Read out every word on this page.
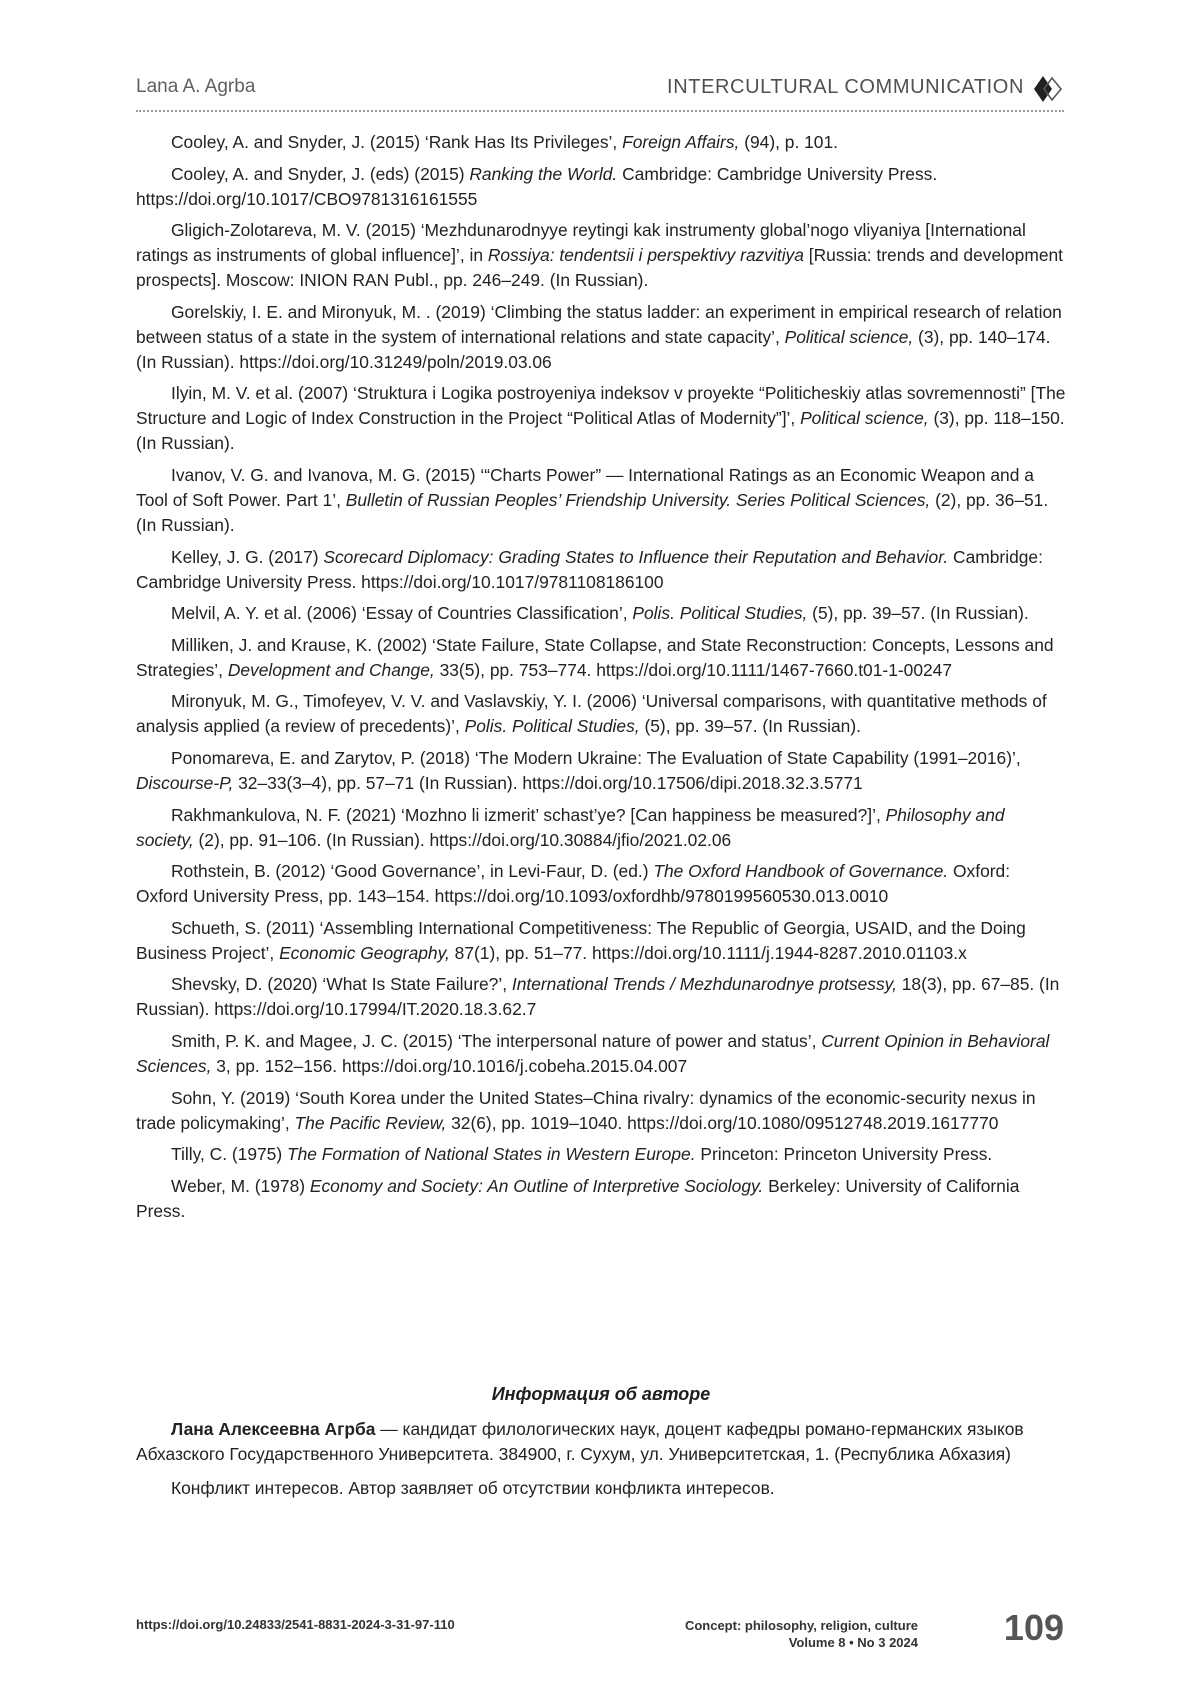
Lana A. Agrba	INTERCULTURAL COMMUNICATION

Cooley, A. and Snyder, J. (2015) ‘Rank Has Its Privileges’, Foreign Affairs, (94), p. 101.

Cooley, A. and Snyder, J. (eds) (2015) Ranking the World. Cambridge: Cambridge University Press. https://doi.org/10.1017/CBO9781316161555

Gligich-Zolotareva, M. V. (2015) ‘Mezhdunarodnyye reytingi kak instrumenty global’nogo vliyaniya [International ratings as instruments of global influence]’, in Rossiya: tendentsii i perspektivy razvitiya [Russia: trends and development prospects]. Moscow: INION RAN Publ., pp. 246–249. (In Russian).

Gorelskiy, I. E. and Mironyuk, M. . (2019) ‘Climbing the status ladder: an experiment in empirical research of relation between status of a state in the system of international relations and state capacity’, Political science, (3), pp. 140–174. (In Russian). https://doi.org/10.31249/poln/2019.03.06

Ilyin, M. V. et al. (2007) ‘Struktura i Logika postroyeniya indeksov v proyekte “Politicheskiy atlas sovremennosti” [The Structure and Logic of Index Construction in the Project “Political Atlas of Modernity”]’, Political science, (3), pp. 118–150. (In Russian).

Ivanov, V. G. and Ivanova, M. G. (2015) ‘“Charts Power” — International Ratings as an Economic Weapon and a Tool of Soft Power. Part 1’, Bulletin of Russian Peoples’ Friendship University. Series Political Sciences, (2), pp. 36–51. (In Russian).

Kelley, J. G. (2017) Scorecard Diplomacy: Grading States to Influence their Reputation and Behavior. Cambridge: Cambridge University Press. https://doi.org/10.1017/9781108186100

Melvil, A. Y. et al. (2006) ‘Essay of Countries Classification’, Polis. Political Studies, (5), pp. 39–57. (In Russian).

Milliken, J. and Krause, K. (2002) ‘State Failure, State Collapse, and State Reconstruction: Concepts, Lessons and Strategies’, Development and Change, 33(5), pp. 753–774. https://doi.org/10.1111/1467-7660.t01-1-00247

Mironyuk, M. G., Timofeyev, V. V. and Vaslavskiy, Y. I. (2006) ‘Universal comparisons, with quantitative methods of analysis applied (a review of precedents)’, Polis. Political Studies, (5), pp. 39–57. (In Russian).

Ponomareva, E. and Zarytov, P. (2018) ‘The Modern Ukraine: The Evaluation of State Capability (1991–2016)’, Discourse-P, 32–33(3–4), pp. 57–71 (In Russian). https://doi.org/10.17506/dipi.2018.32.3.5771

Rakhmankulova, N. F. (2021) ‘Mozhno li izmerit’ schast’ye? [Can happiness be measured?]’, Philosophy and society, (2), pp. 91–106. (In Russian). https://doi.org/10.30884/jfio/2021.02.06

Rothstein, B. (2012) ‘Good Governance’, in Levi-Faur, D. (ed.) The Oxford Handbook of Governance. Oxford: Oxford University Press, pp. 143–154. https://doi.org/10.1093/oxfordhb/9780199560530.013.0010

Schueth, S. (2011) ‘Assembling International Competitiveness: The Republic of Georgia, USAID, and the Doing Business Project’, Economic Geography, 87(1), pp. 51–77. https://doi.org/10.1111/j.1944-8287.2010.01103.x

Shevsky, D. (2020) ‘What Is State Failure?’, International Trends / Mezhdunarodnye protsessy, 18(3), pp. 67–85. (In Russian). https://doi.org/10.17994/IT.2020.18.3.62.7

Smith, P. K. and Magee, J. C. (2015) ‘The interpersonal nature of power and status’, Current Opinion in Behavioral Sciences, 3, pp. 152–156. https://doi.org/10.1016/j.cobeha.2015.04.007

Sohn, Y. (2019) ‘South Korea under the United States–China rivalry: dynamics of the economic-security nexus in trade policymaking’, The Pacific Review, 32(6), pp. 1019–1040. https://doi.org/10.1080/09512748.2019.1617770

Tilly, C. (1975) The Formation of National States in Western Europe. Princeton: Princeton University Press.

Weber, M. (1978) Economy and Society: An Outline of Interpretive Sociology. Berkeley: University of California Press.

Информация об авторе

Лана Алексеевна Агрба — кандидат филологических наук, доцент кафедры романо-германских языков Абхазского Государственного Университета. 384900, г. Сухум, ул. Университетская, 1. (Республика Абхазия)

Конфликт интересов. Автор заявляет об отсутствии конфликта интересов.

https://doi.org/10.24833/2541-8831-2024-3-31-97-110	Concept: philosophy, religion, culture
Volume 8 • No 3 2024 109
